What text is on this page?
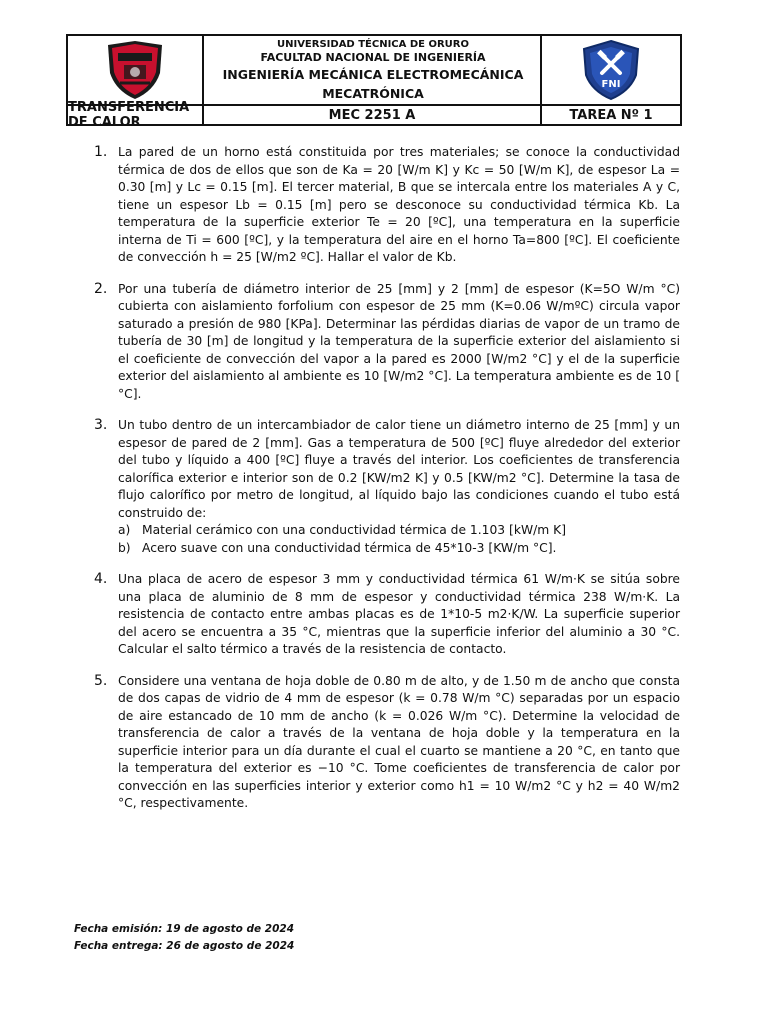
UNIVERSIDAD TÉCNICA DE ORURO
FACULTAD NACIONAL DE INGENIERÍA
INGENIERÍA MECÁNICA ELECTROMECÁNICA
MECATRÓNICA
FNI
TRANSFERENCIA DE CALOR	MEC 2251 A	TAREA Nº 1
1. La pared de un horno está constituida por tres materiales; se conoce la conductividad térmica de dos de ellos que son de Ka = 20 [W/m K] y Kc = 50 [W/m K], de espesor La = 0.30 [m] y Lc = 0.15 [m]. El tercer material, B que se intercala entre los materiales A y C, tiene un espesor Lb = 0.15 [m] pero se desconoce su conductividad térmica Kb. La temperatura de la superficie exterior Te = 20 [ºC], una temperatura en la superficie interna de Ti = 600 [ºC], y la temperatura del aire en el horno Ta=800 [ºC]. El coeficiente de convección h = 25 [W/m2 ºC]. Hallar el valor de Kb.
2. Por una tubería de diámetro interior de 25 [mm] y 2 [mm] de espesor (K=5O W/m °C) cubierta con aislamiento forfolium con espesor de 25 mm (K=0.06 W/mºC) circula vapor saturado a presión de 980 [KPa]. Determinar las pérdidas diarias de vapor de un tramo de tubería de 30 [m] de longitud y la temperatura de la superficie exterior del aislamiento si el coeficiente de convección del vapor a la pared es 2000 [W/m2 °C] y el de la superficie exterior del aislamiento al ambiente es 10 [W/m2 °C]. La temperatura ambiente es de 10 [ °C].
3. Un tubo dentro de un intercambiador de calor tiene un diámetro interno de 25 [mm] y un espesor de pared de 2 [mm]. Gas a temperatura de 500 [ºC] fluye alrededor del exterior del tubo y líquido a 400 [ºC] fluye a través del interior. Los coeficientes de transferencia calorífica exterior e interior son de 0.2 [KW/m2 K] y 0.5 [KW/m2 °C]. Determine la tasa de flujo calorífico por metro de longitud, al líquido bajo las condiciones cuando el tubo está construido de:
a) Material cerámico con una conductividad térmica de 1.103 [kW/m K]
b) Acero suave con una conductividad térmica de 45*10-3 [KW/m °C].
4. Una placa de acero de espesor 3 mm y conductividad térmica 61 W/m·K se sitúa sobre una placa de aluminio de 8 mm de espesor y conductividad térmica 238 W/m·K. La resistencia de contacto entre ambas placas es de 1*10-5 m2·K/W. La superficie superior del acero se encuentra a 35 °C, mientras que la superficie inferior del aluminio a 30 °C. Calcular el salto térmico a través de la resistencia de contacto.
5. Considere una ventana de hoja doble de 0.80 m de alto, y de 1.50 m de ancho que consta de dos capas de vidrio de 4 mm de espesor (k = 0.78 W/m °C) separadas por un espacio de aire estancado de 10 mm de ancho (k = 0.026 W/m °C). Determine la velocidad de transferencia de calor a través de la ventana de hoja doble y la temperatura en la superficie interior para un día durante el cual el cuarto se mantiene a 20 °C, en tanto que la temperatura del exterior es −10 °C. Tome coeficientes de transferencia de calor por convección en las superficies interior y exterior como h1 = 10 W/m2 °C y h2 = 40 W/m2 °C, respectivamente.
Fecha emisión: 19 de agosto de 2024
Fecha entrega: 26 de agosto de 2024
